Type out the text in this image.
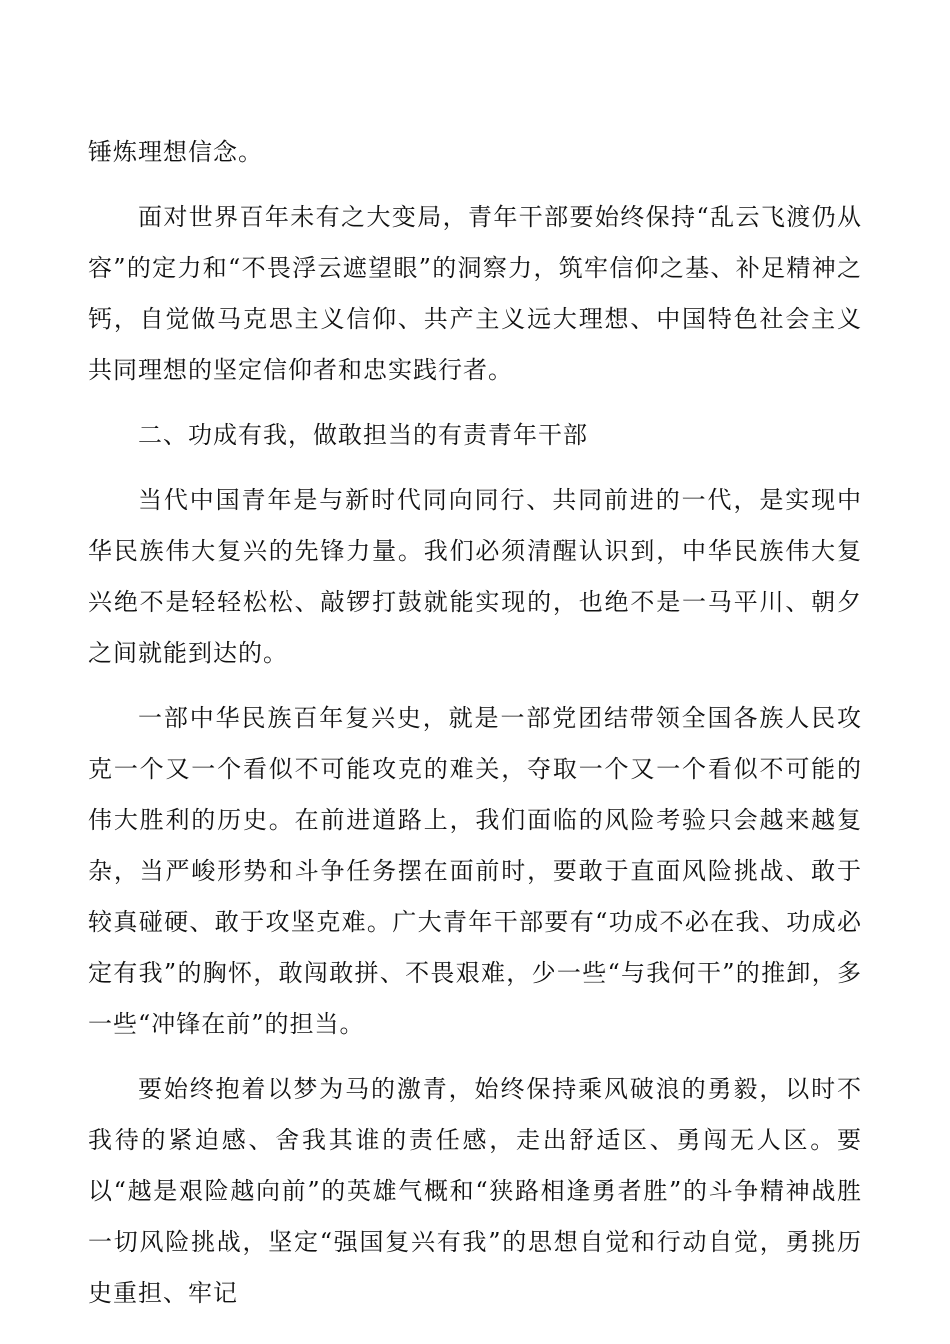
锤炼理想信念。

面对世界百年未有之大变局，青年干部要始终保持“乱云飞渡仍从容”的定力和“不畏浮云遮望眼”的洞察力，筑牢信仰之基、补足精神之钙，自觉做马克思主义信仰、共产主义远大理想、中国特色社会主义共同理想的坚定信仰者和忠实践行者。

二、功成有我，做敢担当的有责青年干部

当代中国青年是与新时代同向同行、共同前进的一代，是实现中华民族伟大复兴的先锋力量。我们必须清醒认识到，中华民族伟大复兴绝不是轻轻松松、敲锣打鼓就能实现的，也绝不是一马平川、朝夕之间就能到达的。

一部中华民族百年复兴史，就是一部党团结带领全国各族人民攻克一个又一个看似不可能攻克的难关，夺取一个又一个看似不可能的伟大胜利的历史。在前进道路上，我们面临的风险考验只会越来越复杂，当严峻形势和斗争任务摆在面前时，要敢于直面风险挑战、敢于较真碰硬、敢于攻坚克难。广大青年干部要有“功成不必在我、功成必定有我”的胸怀，敢闯敢拼、不畏艰难，少一些“与我何干”的推卸，多一些“冲锋在前”的担当。

要始终抱着以梦为马的激青，始终保持乘风破浪的勇毅，以时不我待的紧迫感、舍我其谁的责任感，走出舒适区、勇闯无人区。要以“越是艰险越向前”的英雄气概和“狭路相逢勇者胜”的斗争精神战胜一切风险挑战，坚定“强国复兴有我”的思想自觉和行动自觉，勇挑历史重担、牢记
